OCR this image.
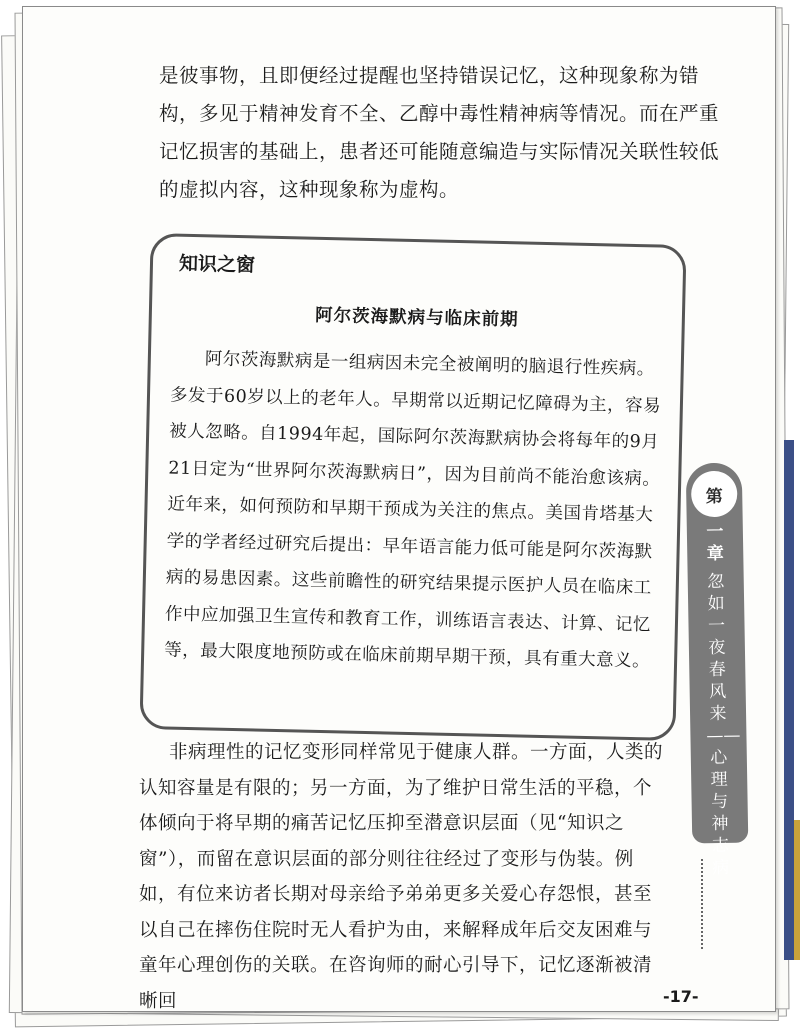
是彼事物，且即便经过提醒也坚持错误记忆，这种现象称为错构，多见于精神发育不全、乙醇中毒性精神病等情况。而在严重记忆损害的基础上，患者还可能随意编造与实际情况关联性较低的虚拟内容，这种现象称为虚构。
知识之窗
阿尔茨海默病与临床前期
阿尔茨海默病是一组病因未完全被阐明的脑退行性疾病。多发于60岁以上的老年人。早期常以近期记忆障碍为主，容易被人忽略。自1994年起，国际阿尔茨海默病协会将每年的9月21日定为“世界阿尔茨海默病日”，因为目前尚不能治愈该病。近年来，如何预防和早期干预成为关注的焦点。美国肯塔基大学的学者经过研究后提出：早年语言能力低可能是阿尔茨海默病的易患因素。这些前瞻性的研究结果提示医护人员在临床工作中应加强卫生宣传和教育工作，训练语言表达、计算、记忆等，最大限度地预防或在临床前期早期干预，具有重大意义。
非病理性的记忆变形同样常见于健康人群。一方面，人类的认知容量是有限的；另一方面，为了维护日常生活的平稳，个体倾向于将早期的痛苦记忆压抑至潜意识层面（见“知识之窗”），而留在意识层面的部分则往往经过了变形与伪装。例如，有位来访者长期对母亲给予弟弟更多关爱心存怨恨，甚至以自己在摔伤住院时无人看护为由，来解释成年后交友困难与童年心理创伤的关联。在咨询师的耐心引导下，记忆逐渐被清晰回
第
一
章
忽如一夜春风来——心理与神志病
-17-
